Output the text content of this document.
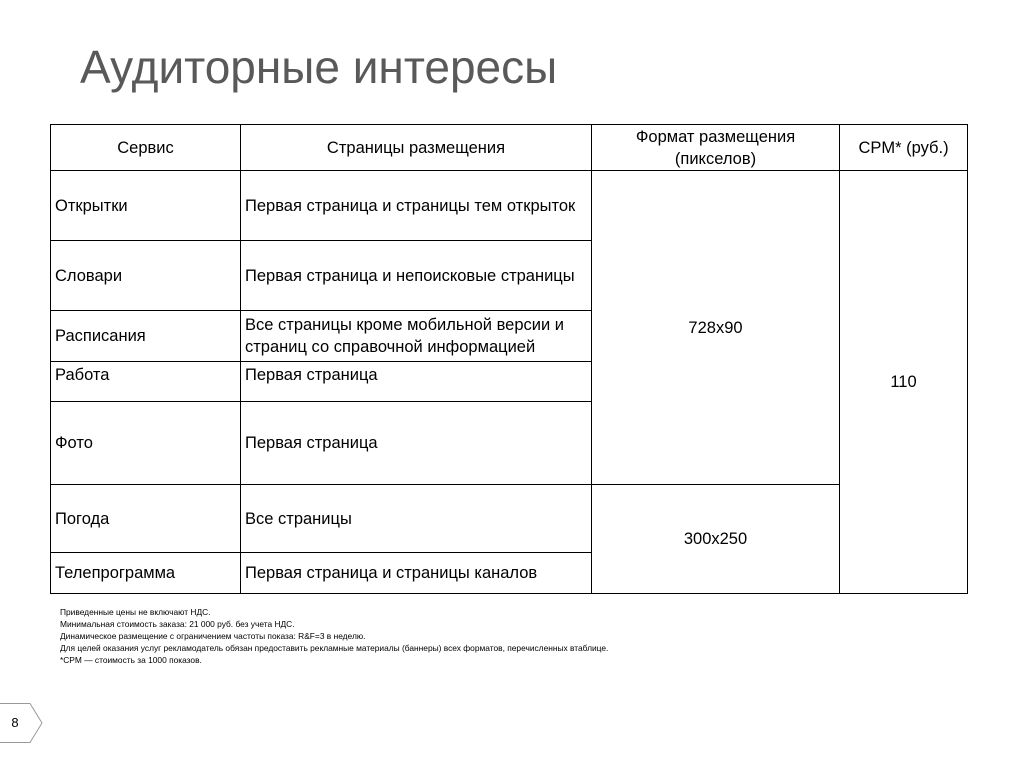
Аудиторные интересы
Сервис	Страницы размещения	Формат размещения (пикселов)	CPM* (руб.)
Открытки	Первая страница и страницы тем открыток	728x90	110
Словари	Первая страница и непоисковые страницы		
Расписания	Все страницы кроме мобильной версии и страниц со справочной информацией		
Работа	Первая страница		
Фото	Первая страница		
Погода	Все страницы	300x250	
Телепрограмма	Первая страница и страницы каналов		
Приведенные цены не включают НДС.
Минимальная стоимость заказа: 21 000 руб. без учета НДС.
Динамическое размещение с ограничением частоты показа: R&F=3 в неделю.
Для целей оказания услуг рекламодатель обязан предоставить рекламные материалы (баннеры) всех форматов, перечисленных втаблице.
*CPM — стоимость за 1000 показов.
8
